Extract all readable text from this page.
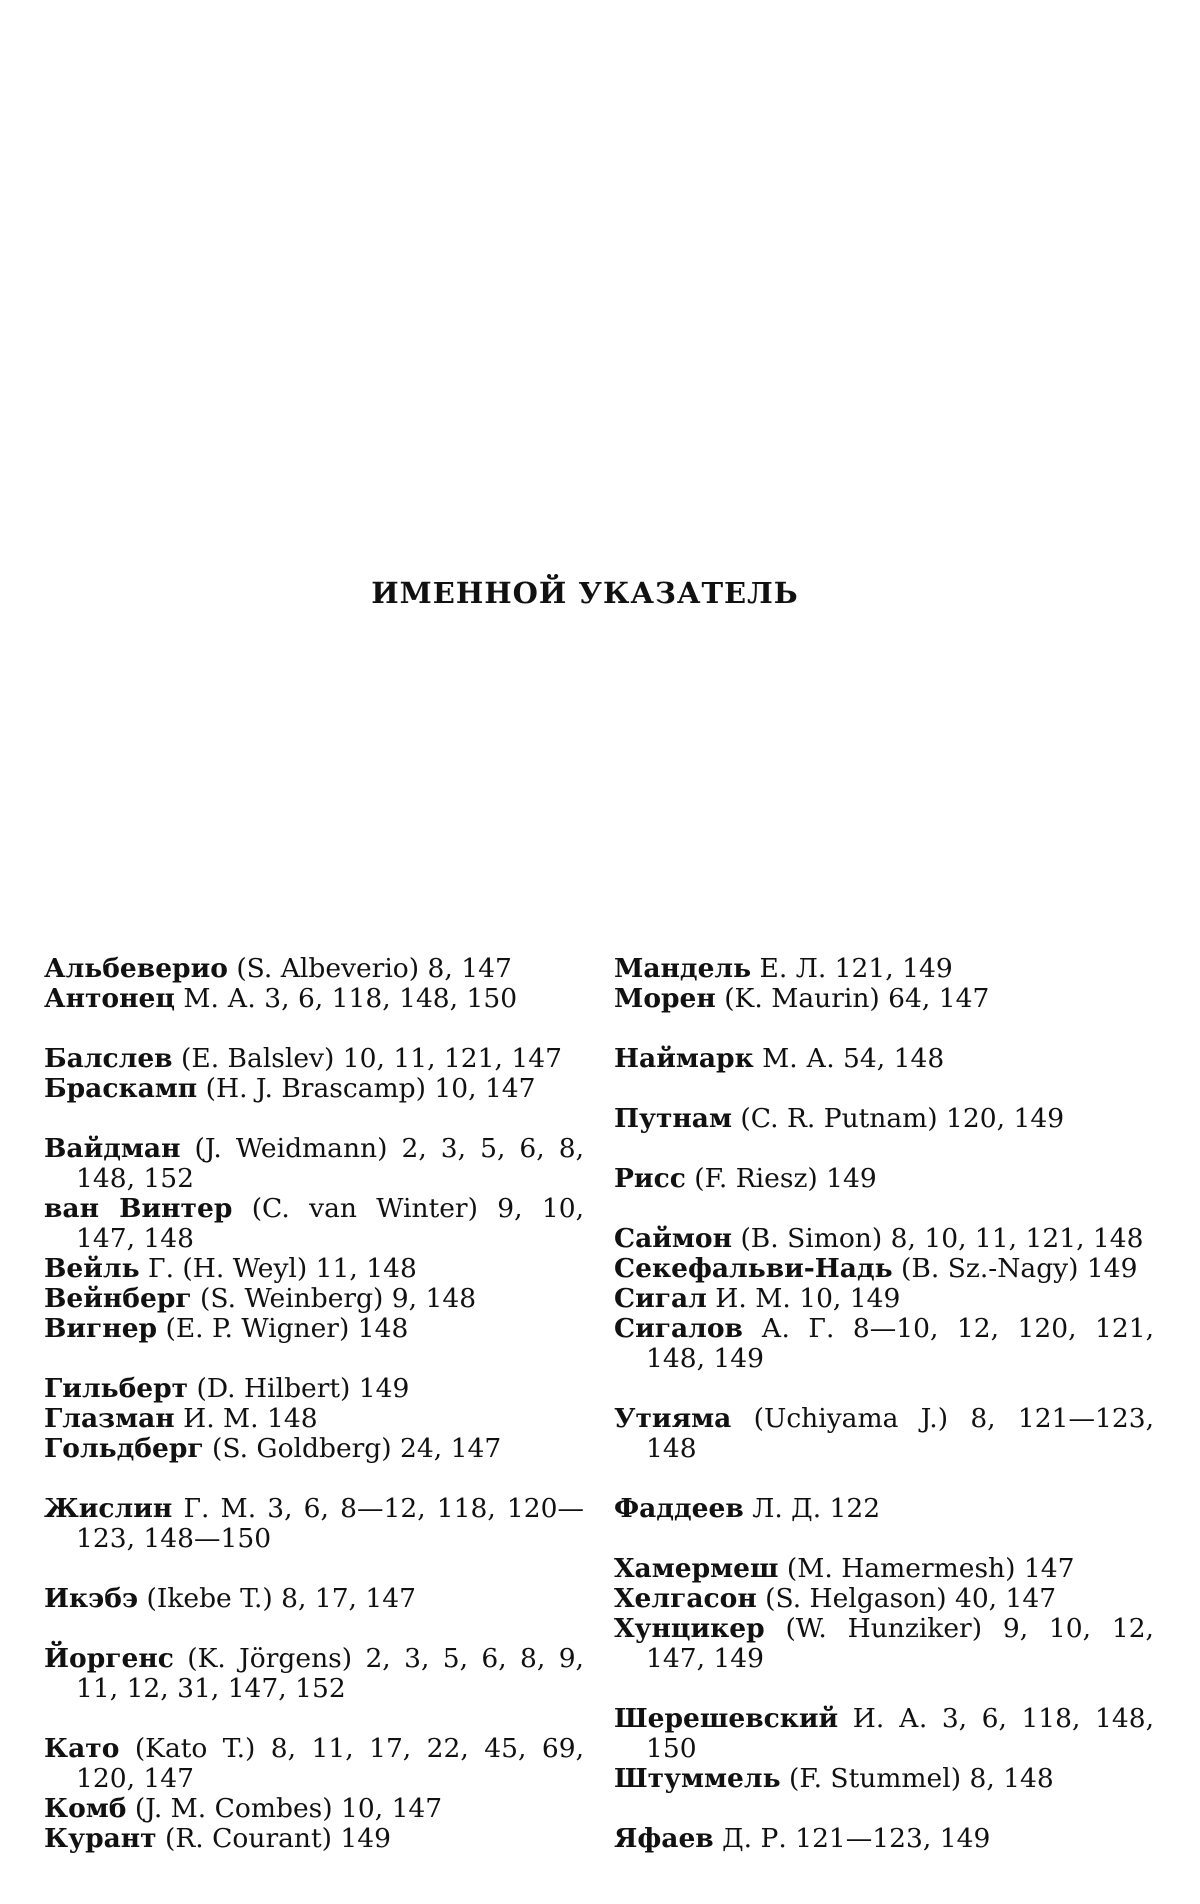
ИМЕННОЙ УКАЗАТЕЛЬ
Альбеверио (S. Albeverio) 8, 147
Антонец М. А. 3, 6, 118, 148, 150
Балслев (E. Balslev) 10, 11, 121, 147
Браскамп (H. J. Brascamp) 10, 147
Вайдман (J. Weidmann) 2, 3, 5, 6, 8, 148, 152
ван Винтер (C. van Winter) 9, 10, 147, 148
Вейль Г. (H. Weyl) 11, 148
Вейнберг (S. Weinberg) 9, 148
Вигнер (E. P. Wigner) 148
Гильберт (D. Hilbert) 149
Глазман И. М. 148
Гольдберг (S. Goldberg) 24, 147
Жислин Г. М. 3, 6, 8—12, 118, 120—123, 148—150
Икэбэ (Ikebe T.) 8, 17, 147
Йоргенс (K. Jörgens) 2, 3, 5, 6, 8, 9, 11, 12, 31, 147, 152
Като (Kato T.) 8, 11, 17, 22, 45, 69, 120, 147
Комб (J. M. Combes) 10, 147
Курант (R. Courant) 149
Мандель Е. Л. 121, 149
Морен (K. Maurin) 64, 147
Наймарк М. А. 54, 148
Путнам (C. R. Putnam) 120, 149
Рисс (F. Riesz) 149
Саймон (B. Simon) 8, 10, 11, 121, 148
Секефальви-Надь (B. Sz.-Nagy) 149
Сигал И. М. 10, 149
Сигалов А. Г. 8—10, 12, 120, 121, 148, 149
Утияма (Uchiyama J.) 8, 121—123, 148
Фаддеев Л. Д. 122
Хамермеш (M. Hamermesh) 147
Хелгасон (S. Helgason) 40, 147
Хунцикер (W. Hunziker) 9, 10, 12, 147, 149
Шерешевский И. А. 3, 6, 118, 148, 150
Штуммель (F. Stummel) 8, 148
Яфаев Д. Р. 121—123, 149
